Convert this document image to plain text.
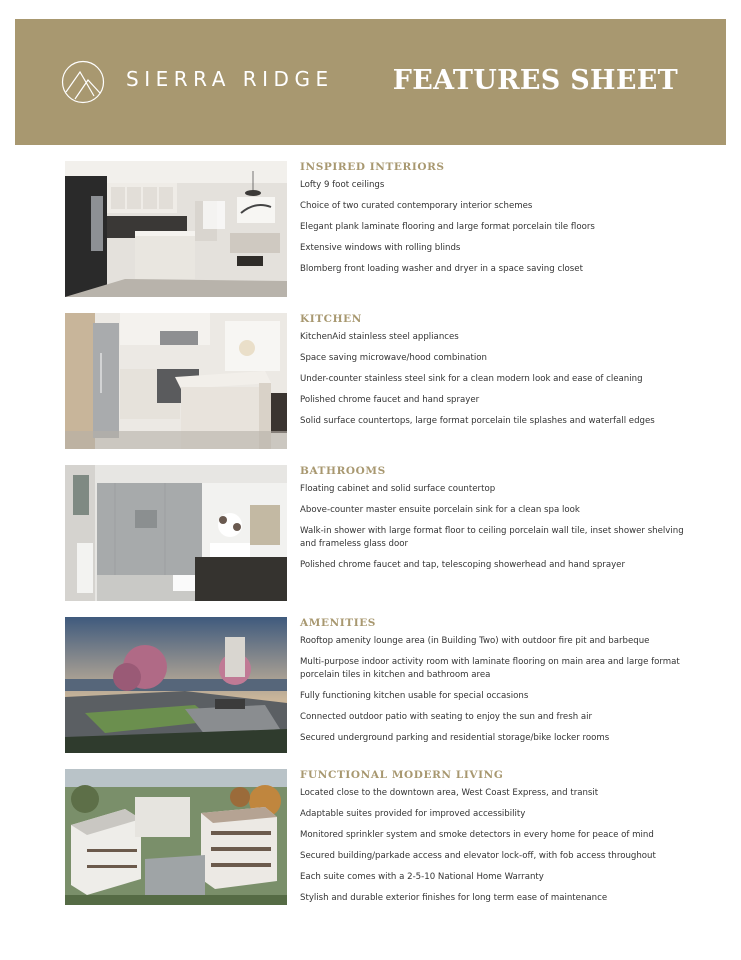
SIERRA RIDGE FEATURES SHEET
INSPIRED INTERIORS
Lofty 9 foot ceilings
Choice of two curated contemporary interior schemes
Elegant plank laminate flooring and large format porcelain tile floors
Extensive windows with rolling blinds
Blomberg front loading washer and dryer in a space saving closet
KITCHEN
KitchenAid stainless steel appliances
Space saving microwave/hood combination
Under-counter stainless steel sink for a clean modern look and ease of cleaning
Polished chrome faucet and hand sprayer
Solid surface countertops, large format porcelain tile splashes and waterfall edges
BATHROOMS
Floating cabinet and solid surface countertop
Above-counter master ensuite porcelain sink for a clean spa look
Walk-in shower with large format floor to ceiling porcelain wall tile, inset shower shelving and frameless glass door
Polished chrome faucet and tap, telescoping showerhead and hand sprayer
AMENITIES
Rooftop amenity lounge area (in Building Two) with outdoor fire pit and barbeque
Multi-purpose indoor activity room with laminate flooring on main area and large format porcelain tiles in kitchen and bathroom area
Fully functioning kitchen usable for special occasions
Connected outdoor patio with seating to enjoy the sun and fresh air
Secured underground parking and residential storage/bike locker rooms
FUNCTIONAL MODERN LIVING
Located close to the downtown area, West Coast Express, and transit
Adaptable suites provided for improved accessibility
Monitored sprinkler system and smoke detectors in every home for peace of mind
Secured building/parkade access and elevator lock-off, with fob access throughout
Each suite comes with a 2-5-10 National Home Warranty
Stylish and durable exterior finishes for long term ease of maintenance
